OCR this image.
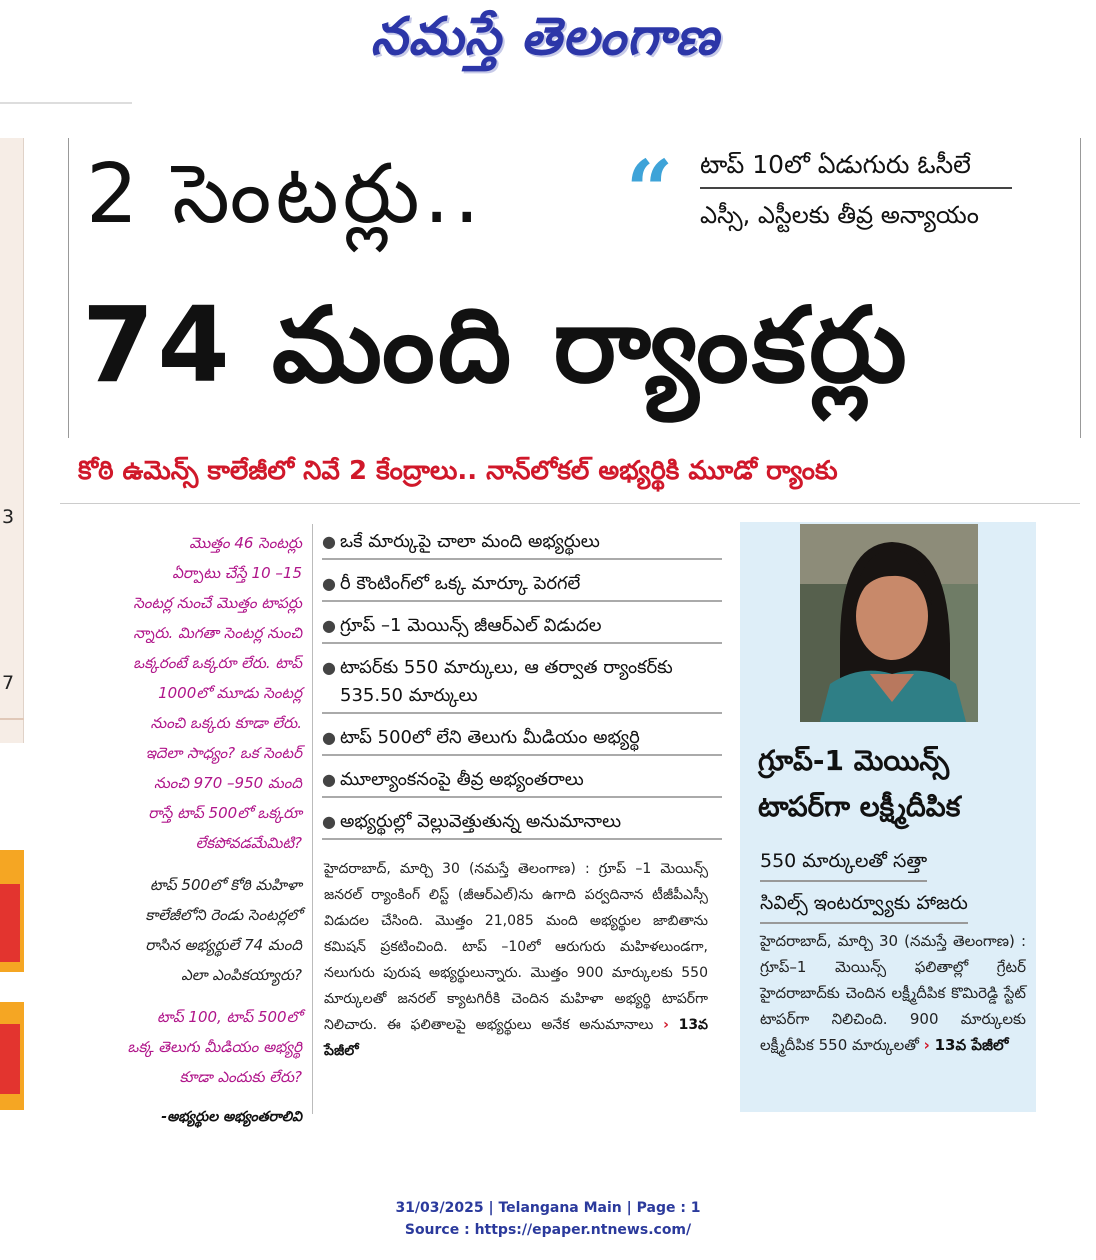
నమస్తే తెలంగాణ
3
7
2 సెంటర్లు..	“	టాప్ 10లో ఏడుగురు ఓసీలే
ఎస్సీ, ఎస్టీలకు తీవ్ర అన్యాయం
74 మంది ర్యాంకర్లు
కోఠి ఉమెన్స్ కాలేజీలో నివే 2 కేంద్రాలు.. నాన్‌లోకల్ అభ్యర్థికి మూడో ర్యాంకు
మొత్తం 46 సెంటర్లు
ఏర్పాటు చేస్తే 10 –15
సెంటర్ల నుంచే మొత్తం టాపర్లు
న్నారు. మిగతా సెంటర్ల నుంచి
ఒక్కరంటే ఒక్కరూ లేరు. టాప్
1000లో మూడు సెంటర్ల
నుంచి ఒక్కరు కూడా లేరు.
ఇదెలా సాధ్యం? ఒక సెంటర్
నుంచి 970 –950 మంది
రాస్తే టాప్ 500లో ఒక్కరూ
లేకపోవడమేమిటి?
టాప్ 500లో కోఠి మహిళా
కాలేజీలోని రెండు సెంటర్లలో
రాసిన అభ్యర్థులే 74 మంది
ఎలా ఎంపికయ్యారు?
టాప్ 100, టాప్ 500లో
ఒక్క తెలుగు మీడియం అభ్యర్థి
కూడా ఎందుకు లేరు?
-అభ్యర్థుల అభ్యంతరాలివి
● ఒకే మార్కుపై చాలా మంది అభ్యర్థులు
● రీ కౌంటింగ్‌లో ఒక్క మార్కూ పెరగలే
● గ్రూప్ –1 మెయిన్స్ జీఆర్ఎల్ విడుదల
● టాపర్‌కు 550 మార్కులు, ఆ తర్వాత ర్యాంకర్‌కు 535.50 మార్కులు
● టాప్ 500లో లేని తెలుగు మీడియం అభ్యర్థి
● మూల్యాంకనంపై తీవ్ర అభ్యంతరాలు
● అభ్యర్థుల్లో వెల్లువెత్తుతున్న అనుమానాలు
హైదరాబాద్, మార్చి 30 (నమస్తే తెలంగాణ) : గ్రూప్ –1 మెయిన్స్ జనరల్ ర్యాంకింగ్ లిస్ట్ (జీఆర్ఎల్)ను ఉగాది పర్వదినాన టీజీపీఎస్సీ విడుదల చేసింది. మొత్తం 21,085 మంది అభ్యర్థుల జాబితాను కమిషన్ ప్రకటించింది. టాప్ –10లో ఆరుగురు మహిళలుండగా, నలుగురు పురుష అభ్యర్థులున్నారు. మొత్తం 900 మార్కులకు 550 మార్కులతో జనరల్ క్యాటగిరీకి చెందిన మహిళా అభ్యర్థి టాపర్‌గా నిలిచారు. ఈ ఫలితాలపై అభ్యర్థులు అనేక అనుమానాలు › 13వ పేజీలో
గ్రూప్-1 మెయిన్స్
టాపర్‌గా లక్ష్మీదీపిక
550 మార్కులతో సత్తా
సివిల్స్ ఇంటర్వ్యూకు హాజరు
హైదరాబాద్, మార్చి 30 (నమస్తే తెలంగాణ) : గ్రూప్–1 మెయిన్స్ ఫలితాల్లో గ్రేటర్ హైదరాబాద్‌కు చెందిన లక్ష్మీదీపిక కొమిరెడ్డి స్టేట్ టాపర్‌గా నిలిచింది. 900 మార్కులకు లక్ష్మీదీపిక 550 మార్కులతో › 13వ పేజీలో
31/03/2025 | Telangana Main | Page : 1
Source : https://epaper.ntnews.com/
